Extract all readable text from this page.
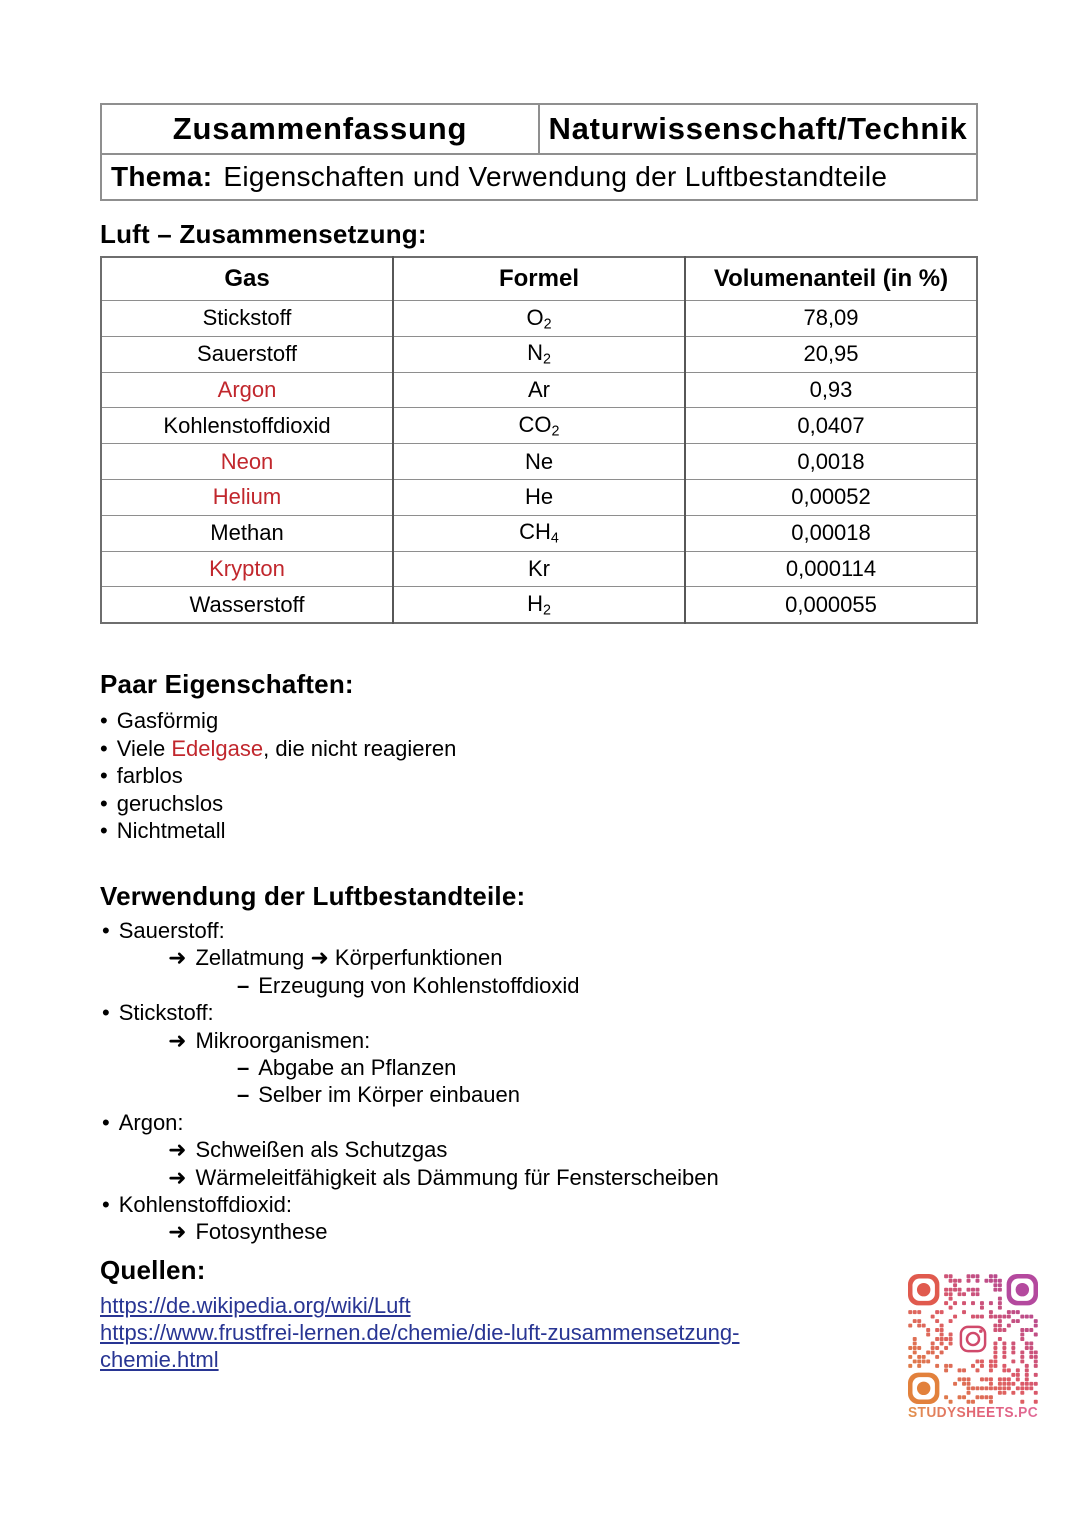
Zusammenfassung	Naturwissenschaft/Technik
Thema: Eigenschaften und Verwendung der Luftbestandteile
Luft – Zusammensetzung:
Gas	Formel	Volumenanteil (in %)
Stickstoff	$O_2$	78,09
Sauerstoff	$N_2$	20,95
Argon	Ar	0,93
Kohlenstoffdioxid	$CO_2$	0,0407
Neon	Ne	0,0018
Helium	He	0,00052
Methan	$CH_4$	0,00018
Krypton	Kr	0,000114
Wasserstoff	$H_2$	0,000055
Paar Eigenschaften:
• Gasförmig
• Viele Edelgase, die nicht reagieren
• farblos
• geruchslos
• Nichtmetall
Verwendung der Luftbestandteile:
• Sauerstoff:
➜ Zellatmung ➜ Körperfunktionen
– Erzeugung von Kohlenstoffdioxid
• Stickstoff:
➜ Mikroorganismen:
– Abgabe an Pflanzen
– Selber im Körper einbauen
• Argon:
➜ Schweißen als Schutzgas
➜ Wärmeleitfähigkeit als Dämmung für Fensterscheiben
• Kohlenstoffdioxid:
➜ Fotosynthese
Quellen:
https://de.wikipedia.org/wiki/Luft
https://www.frustfrei-lernen.de/chemie/die-luft-zusammensetzung-chemie.html
STUDYSHEETS.PC
